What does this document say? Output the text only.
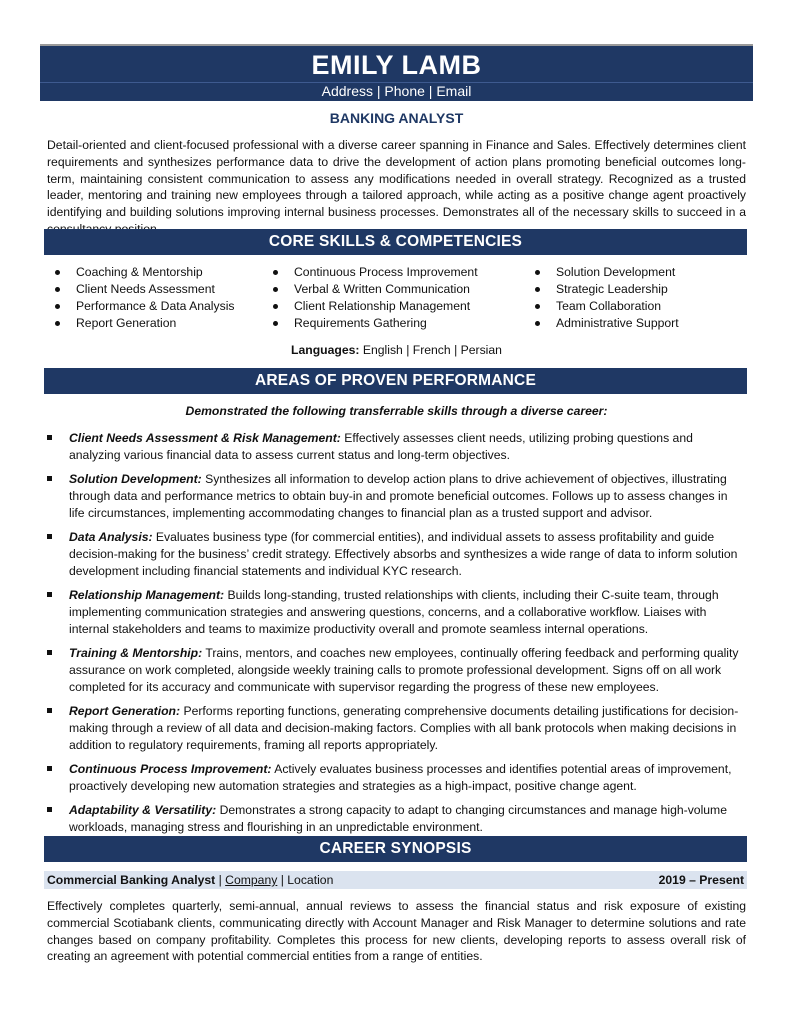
EMILY LAMB
Address | Phone | Email
BANKING ANALYST
Detail-oriented and client-focused professional with a diverse career spanning in Finance and Sales. Effectively determines client requirements and synthesizes performance data to drive the development of action plans promoting beneficial outcomes long-term, maintaining consistent communication to assess any modifications needed in overall strategy. Recognized as a trusted leader, mentoring and training new employees through a tailored approach, while acting as a positive change agent proactively identifying and building solutions improving internal business processes. Demonstrates all of the necessary skills to succeed in a
CORE SKILLS & COMPETENCIES
Coaching & Mentorship
Client Needs Assessment
Performance & Data Analysis
Report Generation
Continuous Process Improvement
Verbal & Written Communication
Client Relationship Management
Requirements Gathering
Solution Development
Strategic Leadership
Team Collaboration
Administrative Support
Languages: English | French | Persian
AREAS OF PROVEN PERFORMANCE
Demonstrated the following transferrable skills through a diverse career:
Client Needs Assessment & Risk Management: Effectively assesses client needs, utilizing probing questions and analyzing various financial data to assess current status and long-term objectives.
Solution Development: Synthesizes all information to develop action plans to drive achievement of objectives, illustrating through data and performance metrics to obtain buy-in and promote beneficial outcomes. Follows up to assess changes in life circumstances, implementing accommodating changes to financial plan as a trusted support and advisor.
Data Analysis: Evaluates business type (for commercial entities), and individual assets to assess profitability and guide decision-making for the business’ credit strategy. Effectively absorbs and synthesizes a wide range of data to inform solution development including financial statements and individual KYC research.
Relationship Management: Builds long-standing, trusted relationships with clients, including their C-suite team, through implementing communication strategies and answering questions, concerns, and a collaborative workflow. Liaises with internal stakeholders and teams to maximize productivity overall and promote seamless internal operations.
Training & Mentorship: Trains, mentors, and coaches new employees, continually offering feedback and performing quality assurance on work completed, alongside weekly training calls to promote professional development. Signs off on all work completed for its accuracy and communicate with supervisor regarding the progress of these new employees.
Report Generation: Performs reporting functions, generating comprehensive documents detailing justifications for decision-making through a review of all data and decision-making factors. Complies with all bank protocols when making decisions in addition to regulatory requirements, framing all reports appropriately.
Continuous Process Improvement: Actively evaluates business processes and identifies potential areas of improvement, proactively developing new automation strategies and strategies as a high-impact, positive change agent.
Adaptability & Versatility: Demonstrates a strong capacity to adapt to changing circumstances and manage high-volume workloads, managing stress and flourishing in an unpredictable environment.
CAREER SYNOPSIS
Commercial Banking Analyst | Company | Location	2019 – Present
Effectively completes quarterly, semi-annual, annual reviews to assess the financial status and risk exposure of existing commercial Scotiabank clients, communicating directly with Account Manager and Risk Manager to determine solutions and rate changes based on company profitability. Completes this process for new clients, developing reports to assess overall risk of creating an agreement with potential commercial entities from a range of entities.
